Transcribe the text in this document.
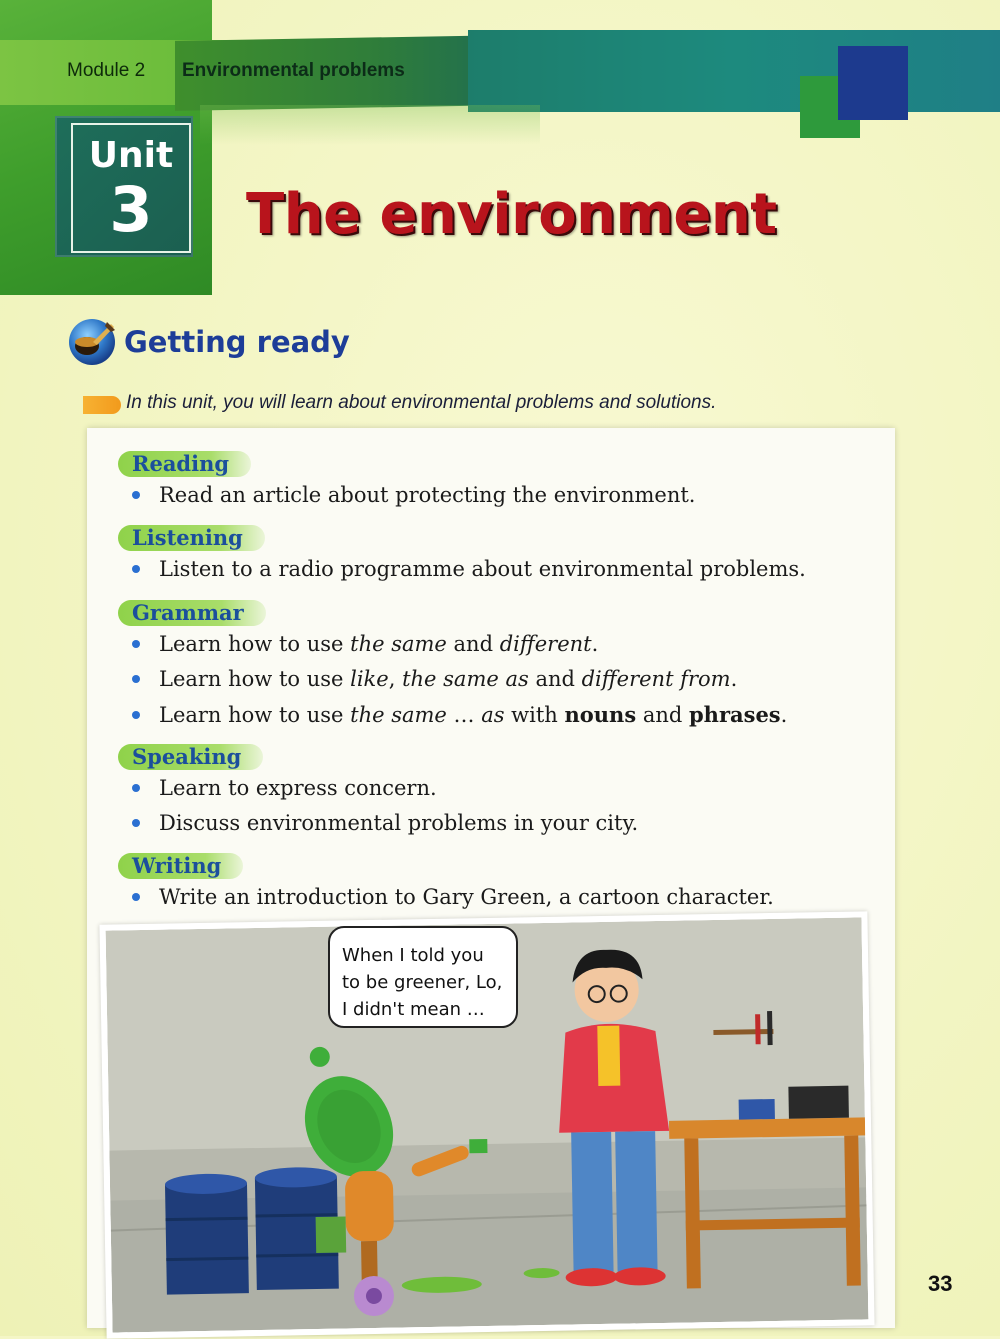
Module 2 Environmental problems
Unit
3	The environment
Getting ready
In this unit, you will learn about environmental problems and solutions.
Reading
Read an article about protecting the environment.
Listening
Listen to a radio programme about environmental problems.
Grammar
Learn how to use the same and different.
Learn how to use like, the same as and different from.
Learn how to use the same … as with nouns and phrases.
Speaking
Learn to express concern.
Discuss environmental problems in your city.
Writing
Write an introduction to Gary Green, a cartoon character.
When I told you
to be greener, Lo,
I didn't mean …
33
